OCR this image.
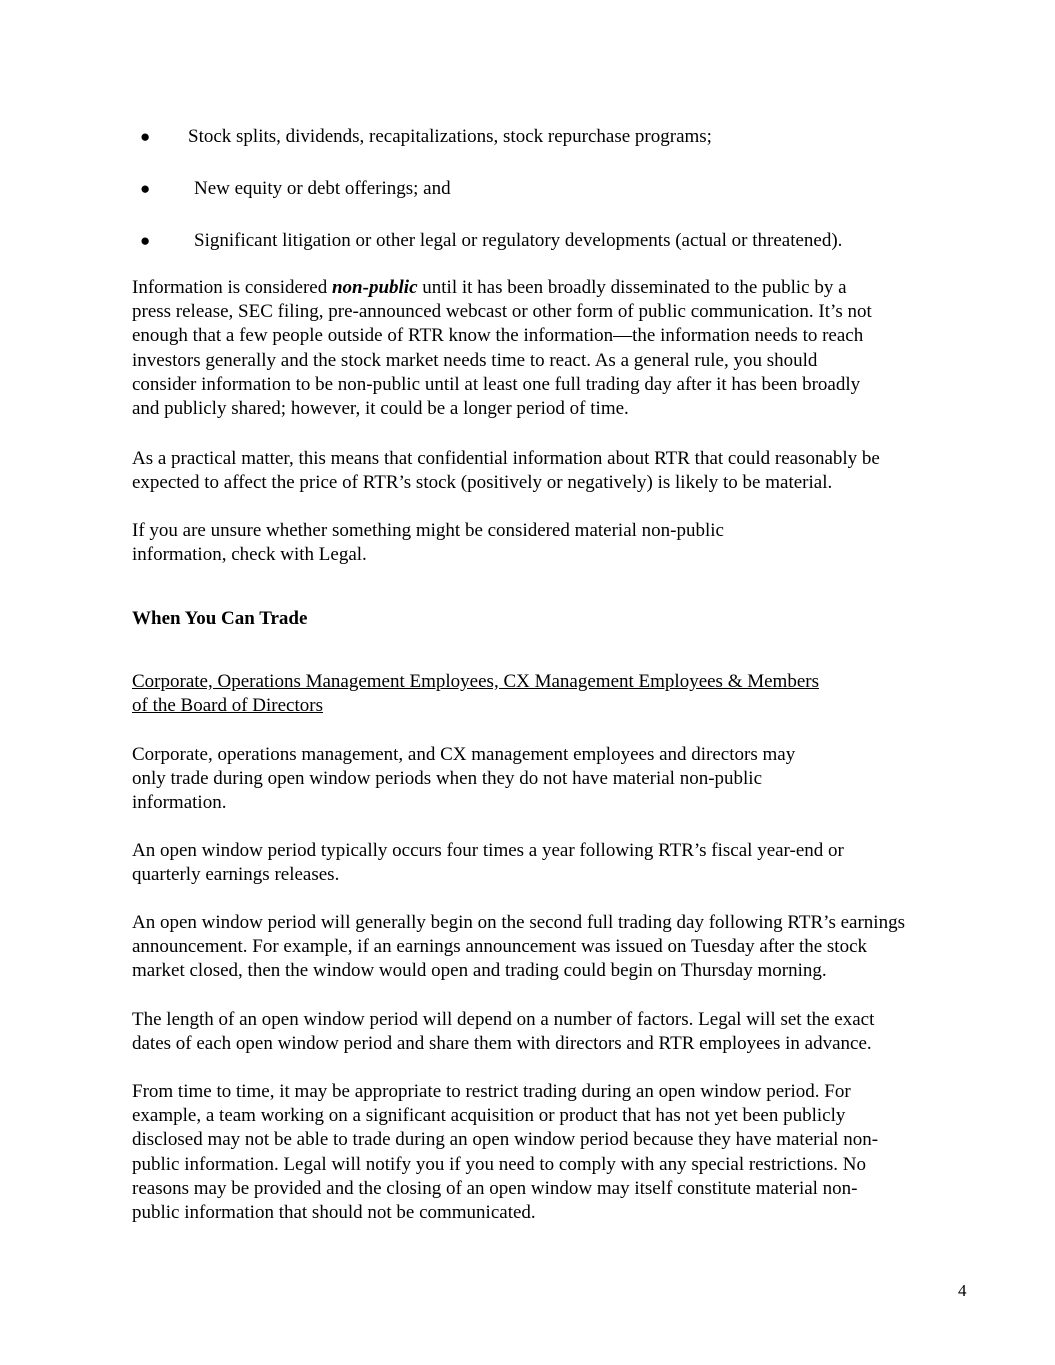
● Stock splits, dividends, recapitalizations, stock repurchase programs;
● New equity or debt offerings; and
● Significant litigation or other legal or regulatory developments (actual or threatened).

Information is considered non-public until it has been broadly disseminated to the public by a
press release, SEC filing, pre-announced webcast or other form of public communication. It’s not
enough that a few people outside of RTR know the information—the information needs to reach
investors generally and the stock market needs time to react. As a general rule, you should
consider information to be non-public until at least one full trading day after it has been broadly
and publicly shared; however, it could be a longer period of time.

As a practical matter, this means that confidential information about RTR that could reasonably be
expected to affect the price of RTR’s stock (positively or negatively) is likely to be material.

If you are unsure whether something might be considered material non-public
information, check with Legal.

When You Can Trade

Corporate, Operations Management Employees, CX Management Employees & Members
of the Board of Directors

Corporate, operations management, and CX management employees and directors may
only trade during open window periods when they do not have material non-public
information.

An open window period typically occurs four times a year following RTR’s fiscal year-end or
quarterly earnings releases.

An open window period will generally begin on the second full trading day following RTR’s earnings
announcement. For example, if an earnings announcement was issued on Tuesday after the stock
market closed, then the window would open and trading could begin on Thursday morning.

The length of an open window period will depend on a number of factors. Legal will set the exact
dates of each open window period and share them with directors and RTR employees in advance.

From time to time, it may be appropriate to restrict trading during an open window period. For
example, a team working on a significant acquisition or product that has not yet been publicly
disclosed may not be able to trade during an open window period because they have material non-
public information. Legal will notify you if you need to comply with any special restrictions. No
reasons may be provided and the closing of an open window may itself constitute material non-
public information that should not be communicated.

4
